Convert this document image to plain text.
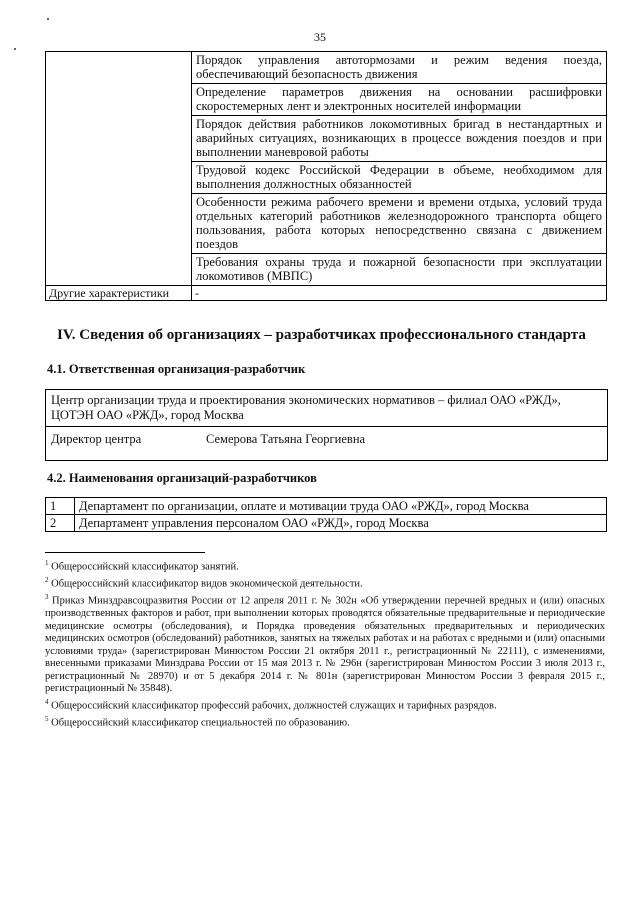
35
	Порядок управления автотормозами и режим ведения поезда, обеспечивающий безопасность движения
	Определение параметров движения на основании расшифровки скоростемерных лент и электронных носителей информации
	Порядок действия работников локомотивных бригад в нестандартных и аварийных ситуациях, возникающих в процессе вождения поездов и при выполнении маневровой работы
	Трудовой кодекс Российской Федерации в объеме, необходимом для выполнения должностных обязанностей
	Особенности режима рабочего времени и времени отдыха, условий труда отдельных категорий работников железнодорожного транспорта общего пользования, работа которых непосредственно связана с движением поездов
	Требования охраны труда и пожарной безопасности при эксплуатации локомотивов (МВПС)
Другие характеристики	-
IV. Сведения об организациях – разработчиках профессионального стандарта
4.1. Ответственная организация-разработчик
Центр организации труда и проектирования экономических нормативов – филиал ОАО «РЖД», ЦОТЭН ОАО «РЖД», город Москва
Директор центра	Семерова Татьяна Георгиевна
4.2. Наименования организаций-разработчиков
1	Департамент по организации, оплате и мотивации труда ОАО «РЖД», город Москва
2	Департамент управления персоналом ОАО «РЖД», город Москва

$^1$ Общероссийский классификатор занятий.

$^2$ Общероссийский классификатор видов экономической деятельности.

$^3$ Приказ Минздравсоцразвития России от 12 апреля 2011 г. № 302н «Об утверждении перечней вредных и (или) опасных производственных факторов и работ, при выполнении которых проводятся обязательные предварительные и периодические медицинские осмотры (обследования), и Порядка проведения обязательных предварительных и периодических медицинских осмотров (обследований) работников, занятых на тяжелых работах и на работах с вредными и (или) опасными условиями труда» (зарегистрирован Минюстом России 21 октября 2011 г., регистрационный № 22111), с изменениями, внесенными приказами Минздрава России от 15 мая 2013 г. № 296н (зарегистрирован Минюстом России 3 июля 2013 г., регистрационный № 28970) и от 5 декабря 2014 г. № 801н (зарегистрирован Минюстом России 3 февраля 2015 г., регистрационный № 35848).

$^4$ Общероссийский классификатор профессий рабочих, должностей служащих и тарифных разрядов.

$^5$ Общероссийский классификатор специальностей по образованию.
